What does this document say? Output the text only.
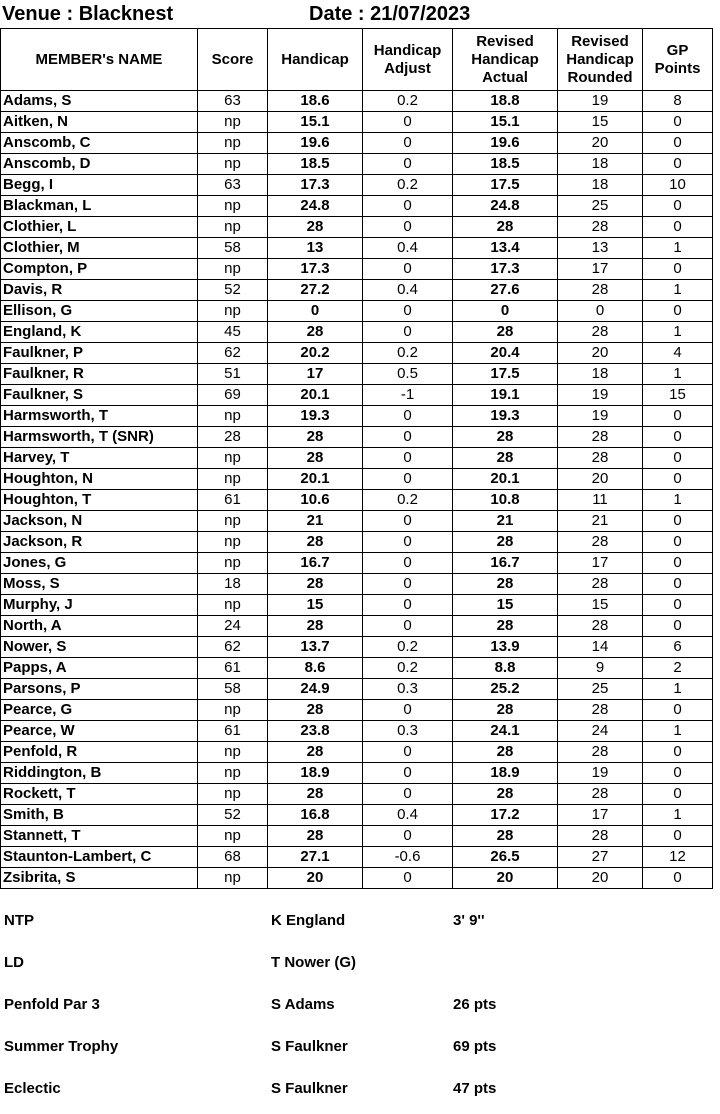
Venue : Blacknest	Date : 21/07/2023
MEMBER's NAME	Score	Handicap	Handicap Adjust	Revised Handicap Actual	Revised Handicap Rounded	GP Points
Adams, S	63	18.6	0.2	18.8	19	8
Aitken, N	np	15.1	0	15.1	15	0
Anscomb, C	np	19.6	0	19.6	20	0
Anscomb, D	np	18.5	0	18.5	18	0
Begg, I	63	17.3	0.2	17.5	18	10
Blackman, L	np	24.8	0	24.8	25	0
Clothier, L	np	28	0	28	28	0
Clothier, M	58	13	0.4	13.4	13	1
Compton, P	np	17.3	0	17.3	17	0
Davis, R	52	27.2	0.4	27.6	28	1
Ellison, G	np	0	0	0	0	0
England, K	45	28	0	28	28	1
Faulkner, P	62	20.2	0.2	20.4	20	4
Faulkner, R	51	17	0.5	17.5	18	1
Faulkner, S	69	20.1	-1	19.1	19	15
Harmsworth, T	np	19.3	0	19.3	19	0
Harmsworth, T (SNR)	28	28	0	28	28	0
Harvey, T	np	28	0	28	28	0
Houghton, N	np	20.1	0	20.1	20	0
Houghton, T	61	10.6	0.2	10.8	11	1
Jackson, N	np	21	0	21	21	0
Jackson, R	np	28	0	28	28	0
Jones, G	np	16.7	0	16.7	17	0
Moss, S	18	28	0	28	28	0
Murphy, J	np	15	0	15	15	0
North, A	24	28	0	28	28	0
Nower, S	62	13.7	0.2	13.9	14	6
Papps, A	61	8.6	0.2	8.8	9	2
Parsons, P	58	24.9	0.3	25.2	25	1
Pearce, G	np	28	0	28	28	0
Pearce, W	61	23.8	0.3	24.1	24	1
Penfold, R	np	28	0	28	28	0
Riddington, B	np	18.9	0	18.9	19	0
Rockett, T	np	28	0	28	28	0
Smith, B	52	16.8	0.4	17.2	17	1
Stannett, T	np	28	0	28	28	0
Staunton-Lambert, C	68	27.1	-0.6	26.5	27	12
Zsibrita, S	np	20	0	20	20	0
NTP	K England	3' 9''
LD	T Nower (G)
Penfold Par 3	S Adams	26 pts
Summer Trophy	S Faulkner	69 pts
Eclectic	S Faulkner	47 pts
